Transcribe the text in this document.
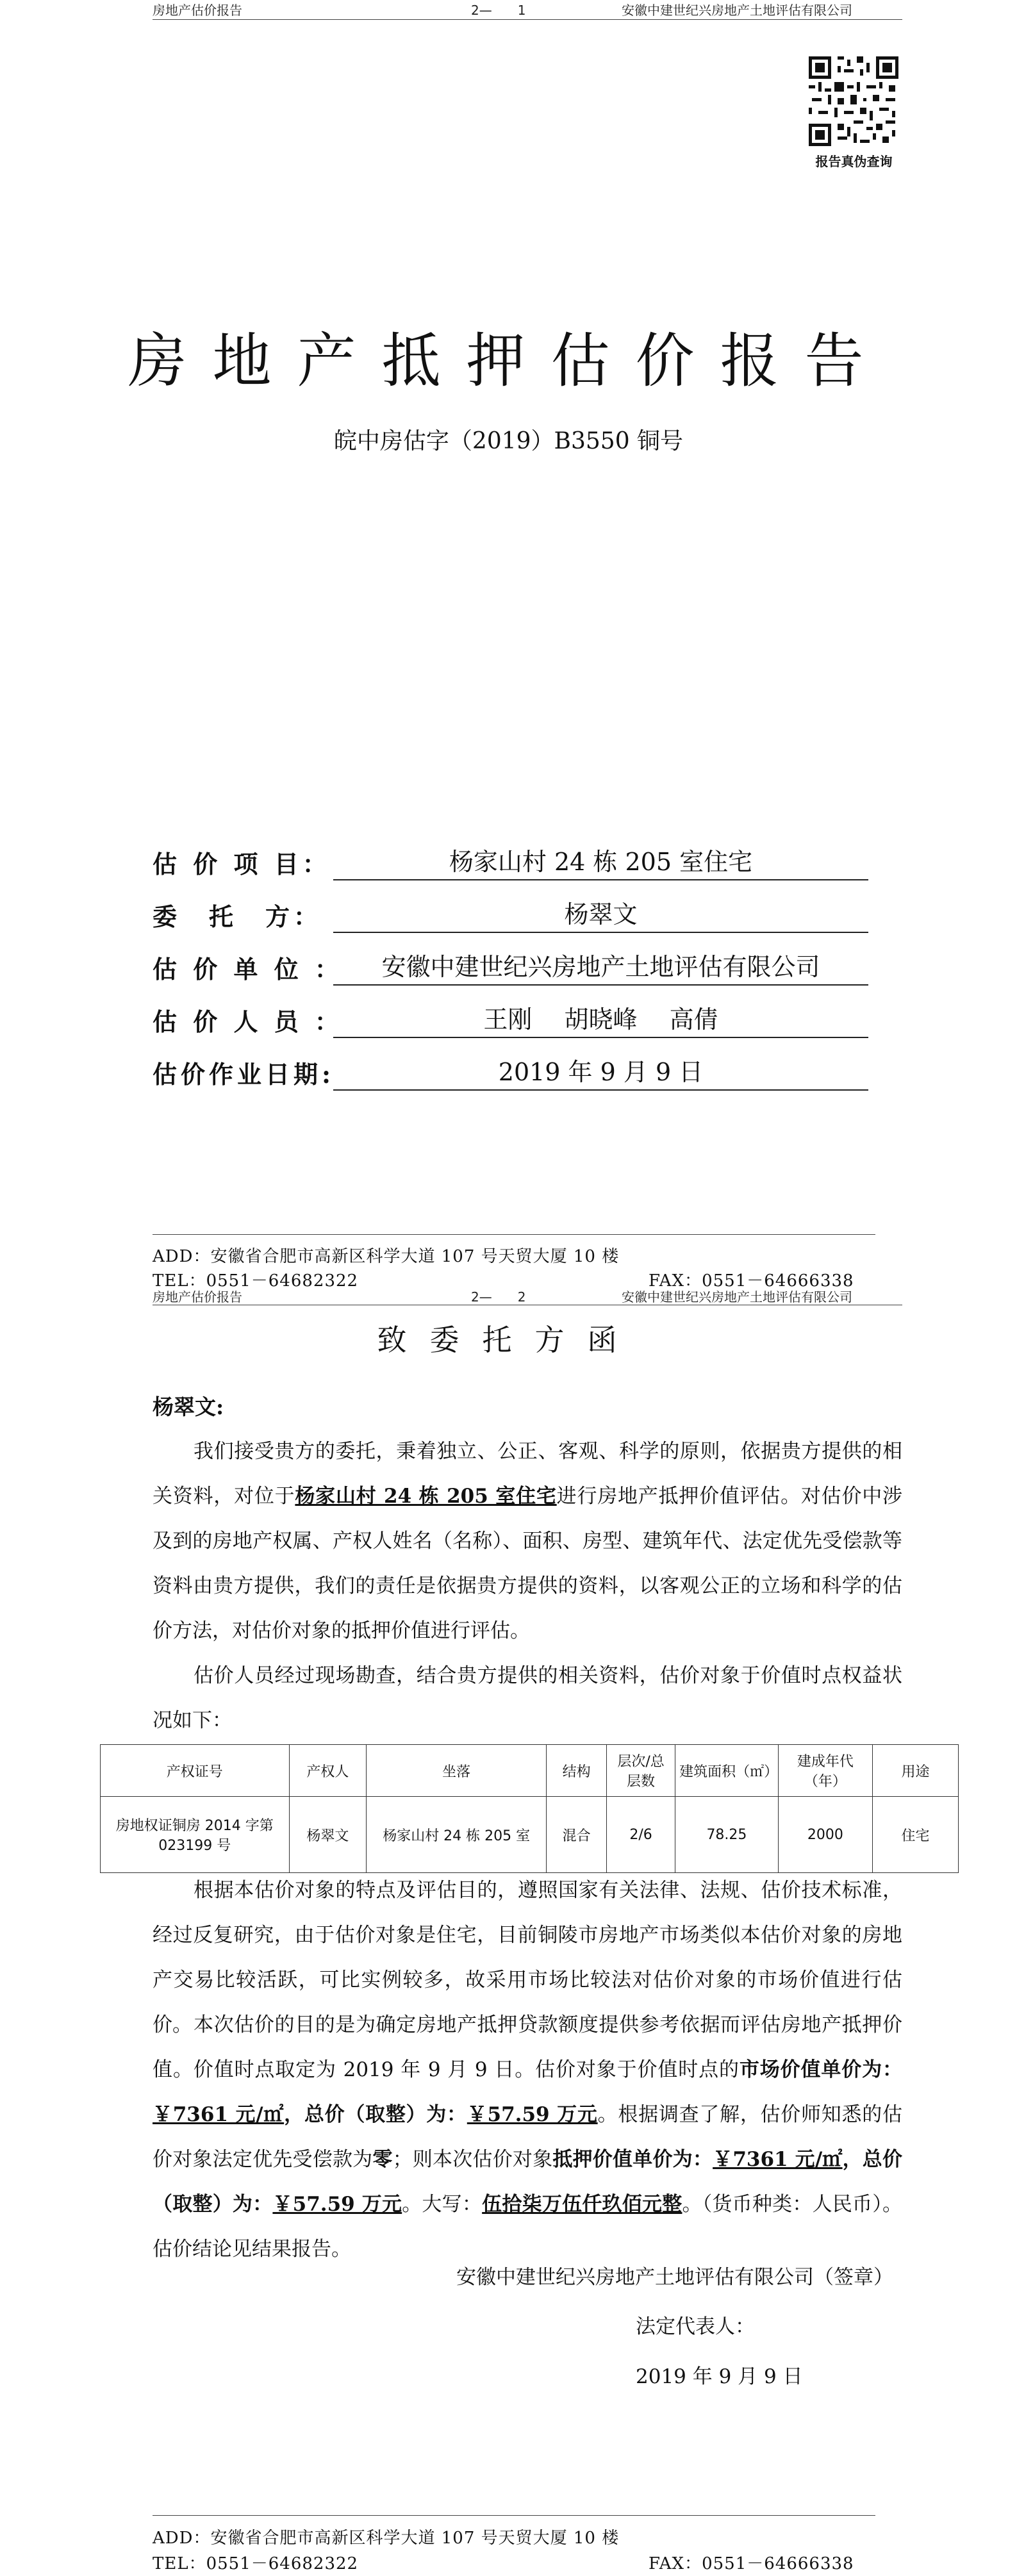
房地产估价报告	2—　　1	安徽中建世纪兴房地产土地评估有限公司
报告真伪查询
房地产抵押估价报告
皖中房估字（2019）B3550 铜号
估 价 项 目：	杨家山村 24 栋 205 室住宅
委　托　方：	杨翠文
估 价 单 位 ：	安徽中建世纪兴房地产土地评估有限公司
估 价 人 员 ：	王刚　 胡晓峰　 高倩
估价作业日期:	2019 年 9 月 9 日
ADD：安徽省合肥市高新区科学大道 107 号天贸大厦 10 楼
TEL：0551－64682322	FAX：0551－64666338
房地产估价报告	2—　　2	安徽中建世纪兴房地产土地评估有限公司
致委托方函
杨翠文:
我们接受贵方的委托，秉着独立、公正、客观、科学的原则，依据贵方提供的相关资料，对位于杨家山村 24 栋 205 室住宅进行房地产抵押价值评估。对估价中涉及到的房地产权属、产权人姓名（名称）、面积、房型、建筑年代、法定优先受偿款等资料由贵方提供，我们的责任是依据贵方提供的资料，以客观公正的立场和科学的估价方法，对估价对象的抵押价值进行评估。
估价人员经过现场勘查，结合贵方提供的相关资料，估价对象于价值时点权益状况如下：
产权证号	产权人	坐落	结构	层次/总层数	建筑面积（㎡）	建成年代（年）	用途
房地权证铜房 2014 字第 023199 号	杨翠文	杨家山村 24 栋 205 室	混合	2/6	78.25	2000	住宅
根据本估价对象的特点及评估目的，遵照国家有关法律、法规、估价技术标准，经过反复研究，由于估价对象是住宅，目前铜陵市房地产市场类似本估价对象的房地产交易比较活跃，可比实例较多，故采用市场比较法对估价对象的市场价值进行估价。 本次估价的目的是为确定房地产抵押贷款额度提供参考依据而评估房地产抵押价值。价值时点取定为 2019 年 9 月 9 日。估价对象于价值时点的市场价值单价为：￥7361 元/㎡，总价（取整）为：￥57.59 万元。根据调查了解，估价师知悉的估价对象法定优先受偿款为零；则本次估价对象抵押价值单价为：￥7361 元/㎡，总价（取整）为：￥57.59 万元。大写：伍拾柒万伍仟玖佰元整。（货币种类：人民币）。估价结论见结果报告。
安徽中建世纪兴房地产土地评估有限公司（签章）
法定代表人：
2019 年 9 月 9 日
ADD：安徽省合肥市高新区科学大道 107 号天贸大厦 10 楼
TEL：0551－64682322	FAX：0551－64666338
